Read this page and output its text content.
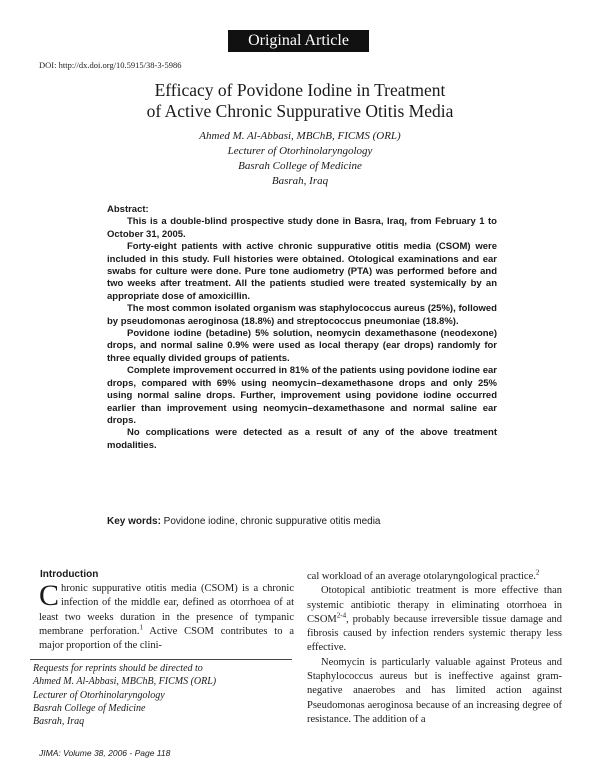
Original Article
DOI: http://dx.doi.org/10.5915/38-3-5986
Efficacy of Povidone Iodine in Treatment
of Active Chronic Suppurative Otitis Media
Ahmed M. Al-Abbasi, MBChB, FICMS (ORL)
Lecturer of Otorhinolaryngology
Basrah College of Medicine
Basrah, Iraq
Abstract:

This is a double-blind prospective study done in Basra, Iraq, from February 1 to October 31, 2005.

Forty-eight patients with active chronic suppurative otitis media (CSOM) were included in this study. Full histories were obtained. Otological examinations and ear swabs for culture were done. Pure tone audiometry (PTA) was performed before and two weeks after treatment. All the patients studied were treated systemically by an appropriate dose of amoxicillin.

The most common isolated organism was staphylococcus aureus (25%), followed by pseudomonas aeroginosa (18.8%) and streptococcus pneumoniae (18.8%).

Povidone iodine (betadine) 5% solution, neomycin dexamethasone (neodexone) drops, and normal saline 0.9% were used as local therapy (ear drops) randomly for three equally divided groups of patients.

Complete improvement occurred in 81% of the patients using povidone iodine ear drops, compared with 69% using neomycin–dexamethasone drops and only 25% using normal saline drops. Further, improvement using povidone iodine occurred earlier than improvement using neomycin–dexamethasone and normal saline ear drops.

No complications were detected as a result of any of the above treatment modalities.

Key words: Povidone iodine, chronic suppurative otitis media
Introduction

Chronic suppurative otitis media (CSOM) is a chronic infection of the middle ear, defined as otorrhoea of at least two weeks duration in the presence of tympanic membrane perforation.$^1$ Active CSOM contributes to a major proportion of the clini-

cal workload of an average otolaryngological practice.$^2$

Ototopical antibiotic treatment is more effective than systemic antibiotic therapy in eliminating otorrhoea in CSOM$^{2-4}$, probably because irreversible tissue damage and fibrosis caused by infection renders systemic therapy less effective.

Neomycin is particularly valuable against Proteus and Staphylococcus aureus but is ineffective against gram-negative anaerobes and has limited action against Pseudomonas aeroginosa because of an increasing degree of resistance. The addition of a

Requests for reprints should be directed to
Ahmed M. Al-Abbasi, MBChB, FICMS (ORL)
Lecturer of Otorhinolaryngology
Basrah College of Medicine
Basrah, Iraq
JIMA: Volume 38, 2006 - Page 118
